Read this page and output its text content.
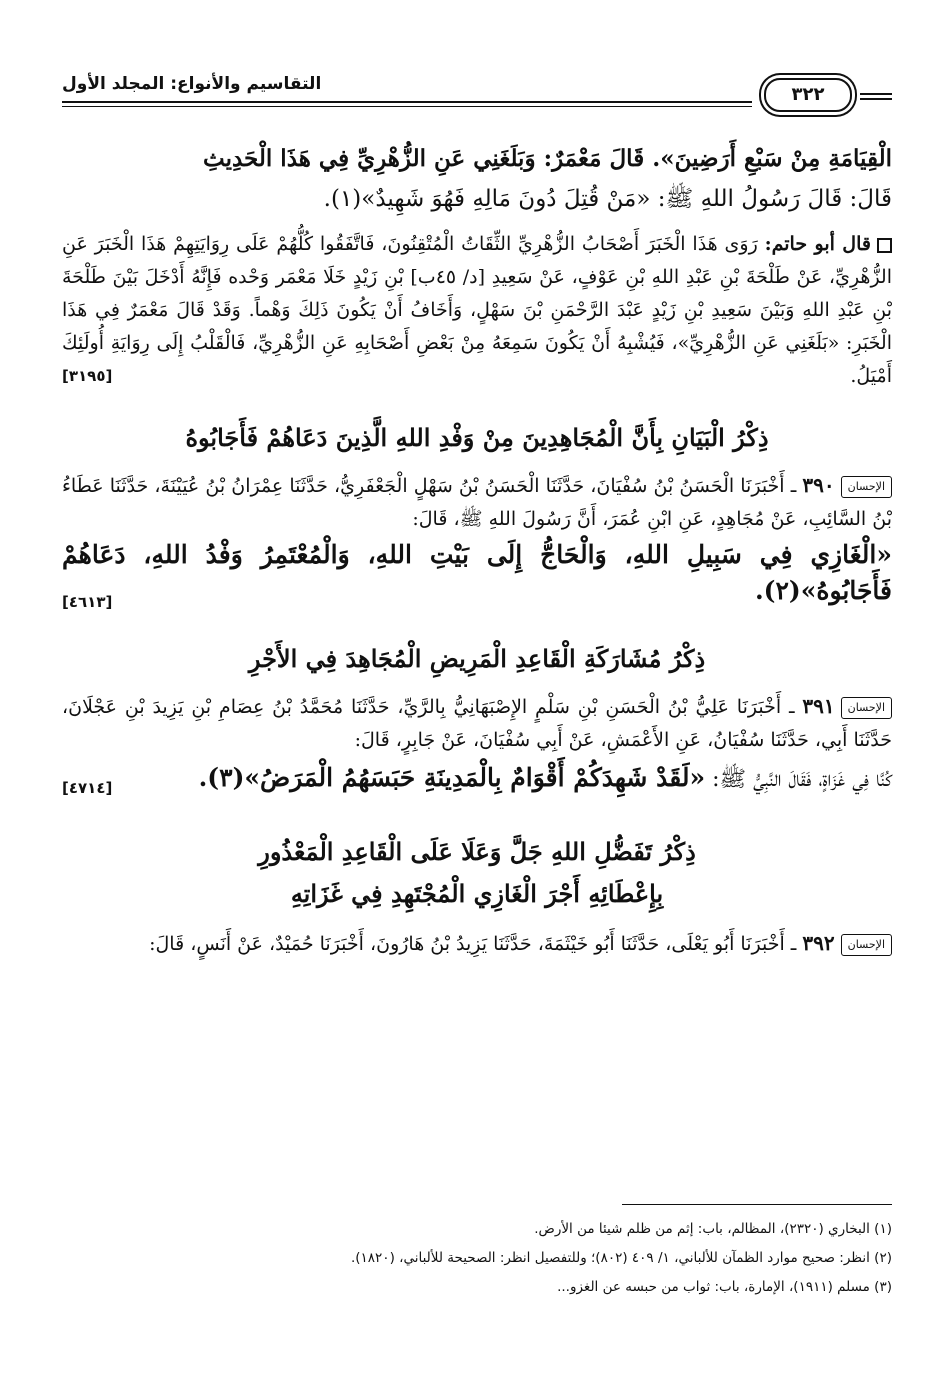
٣٢٢
التقاسيم والأنواع: المجلد الأول

الْقِيَامَةِ مِنْ سَبْعِ أَرَضِينَ». قَالَ مَعْمَرٌ: وَبَلَغَنِي عَنِ الزُّهْرِيِّ فِي هَذَا الْحَدِيثِ

قَالَ: قَالَ رَسُولُ اللهِ ﷺ: «مَنْ قُتِلَ دُونَ مَالِهِ فَهُوَ شَهِيدٌ»(١).

قال أبو حاتم: رَوَى هَذَا الْخَبَرَ أَصْحَابُ الزُّهْرِيِّ الثِّقَاتُ الْمُتْقِنُونَ، فَاتَّفَقُوا كُلُّهُمْ عَلَى رِوَايَتِهِمْ هَذَا الْخَبَرَ عَنِ الزُّهْرِيِّ، عَنْ طَلْحَةَ بْنِ عَبْدِ اللهِ بْنِ عَوْفٍ، عَنْ سَعِيدِ [د/ ٤٥ب] بْنِ زَيْدٍ خَلَا مَعْمَر وَحْده فَإِنَّهُ أَدْخَلَ بَيْنَ طَلْحَةَ بْنِ عَبْدِ اللهِ وَبَيْنَ سَعِيدِ بْنِ زَيْدٍ عَبْدَ الرَّحْمَنِ بْنَ سَهْلٍ، وَأَخَافُ أَنْ يَكُونَ ذَلِكَ وَهْماً. وَقَدْ قَالَ مَعْمَرٌ فِي هَذَا الْخَبَرِ: «بَلَغَنِي عَنِ الزُّهْرِيِّ»، فَيُشْبِهُ أَنْ يَكُونَ سَمِعَهُ مِنْ بَعْضِ أَصْحَابِهِ عَنِ الزُّهْرِيِّ، فَالْقَلْبُ إِلَى رِوَايَةِ أُولَئِكَ أَمْيَلُ.
[٣١٩٥]

ذِكْرُ الْبَيَانِ بِأَنَّ الْمُجَاهِدِينَ مِنْ وَفْدِ اللهِ الَّذِينَ دَعَاهُمْ فَأَجَابُوهُ

الإحسان٣٩٠ ـ أَخْبَرَنَا الْحَسَنُ بْنُ سُفْيَانَ، حَدَّثَنَا الْحَسَنُ بْنُ سَهْلٍ الْجَعْفَرِيُّ، حَدَّثَنَا عِمْرَانُ بْنُ عُيَيْنَةَ، حَدَّثَنَا عَطَاءُ بْنُ السَّائِبِ، عَنْ مُجَاهِدٍ، عَنِ ابْنِ عُمَرَ، أَنَّ رَسُولَ اللهِ ﷺ، قَالَ:

«الْغَازِي فِي سَبِيلِ اللهِ، وَالْحَاجُّ إِلَى بَيْتِ اللهِ، وَالْمُعْتَمِرُ وَفْدُ اللهِ، دَعَاهُمْ فَأَجَابُوهُ»(٢).
[٤٦١٣]

ذِكْرُ مُشَارَكَةِ الْقَاعِدِ الْمَرِيضِ الْمُجَاهِدَ فِي الأَجْرِ

الإحسان٣٩١ ـ أَخْبَرَنَا عَلِيُّ بْنُ الْحَسَنِ بْنِ سَلْمٍ الإِصْبَهَانِيُّ بِالرَّيِّ، حَدَّثَنَا مُحَمَّدُ بْنُ عِصَامِ بْنِ يَزِيدَ بْنِ عَجْلَانَ، حَدَّثَنَا أَبِي، حَدَّثَنَا سُفْيَانُ، عَنِ الأَعْمَشِ، عَنْ أَبِي سُفْيَانَ، عَنْ جَابِرٍ، قَالَ:

كُنَّا فِي غَزَاةٍ، فَقَالَ النَّبِيُّ ﷺ: «لَقَدْ شَهِدَكُمْ أَقْوَامٌ بِالْمَدِينَةِ حَبَسَهُمُ الْمَرَضُ»(٣).
[٤٧١٤]

ذِكْرُ تَفَضُّلِ اللهِ جَلَّ وَعَلَا عَلَى الْقَاعِدِ الْمَعْذُورِ
بِإِعْطَائِهِ أَجْرَ الْغَازِي الْمُجْتَهِدِ فِي غَزَاتِهِ

الإحسان٣٩٢ ـ أَخْبَرَنَا أَبُو يَعْلَى، حَدَّثَنَا أَبُو خَيْثَمَةَ، حَدَّثَنَا يَزِيدُ بْنُ هَارُونَ، أَخْبَرَنَا حُمَيْدٌ، عَنْ أَنَسٍ، قَالَ:

(١) البخاري (٢٣٢٠)، المظالم، باب: إثم من ظلم شيئا من الأرض.
(٢) انظر: صحيح موارد الظمآن للألباني، ١/ ٤٠٩ (٨٠٢)؛ وللتفصيل انظر: الصحيحة للألباني، (١٨٢٠).
(٣) مسلم (١٩١١)، الإمارة، باب: ثواب من حبسه عن الغزو...
